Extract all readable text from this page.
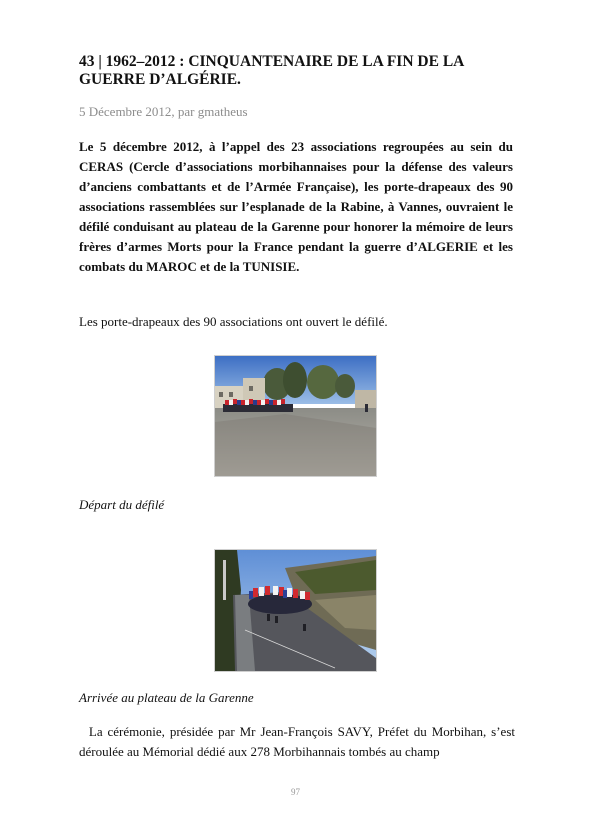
43 | 1962–2012 : CINQUANTENAIRE DE LA FIN DE LA GUERRE D’ALGÉRIE.
5 Décembre 2012, par gmatheus

Le 5 décembre 2012, à l’appel des 23 associations regroupées au sein du CERAS (Cercle d’associations morbihannaises pour la défense des valeurs d’anciens combattants et de l’Armée Française), les porte-drapeaux des 90 associations rassemblées sur l’esplanade de la Rabine, à Vannes, ouvraient le défilé conduisant au plateau de la Garenne pour honorer la mémoire de leurs frères d’armes Morts pour la France pendant la guerre d’ALGERIE et les combats du MAROC et de la TUNISIE.

Les porte-drapeaux des 90 associations ont ouvert le défilé.

Départ du défilé

Arrivée au plateau de la Garenne

La cérémonie, présidée par Mr Jean-François SAVY, Préfet du Morbihan, s’est déroulée au Mémorial dédié aux 278 Morbihannais tombés au champ

97
